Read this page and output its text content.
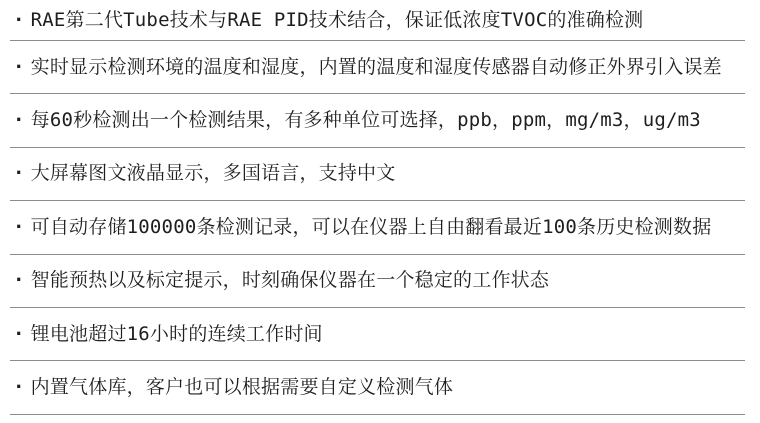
· RAE第二代Tube技术与RAE PID技术结合，保证低浓度TVOC的准确检测
· 实时显示检测环境的温度和湿度，内置的温度和湿度传感器自动修正外界引入误差
· 每60秒检测出一个检测结果，有多种单位可选择，ppb，ppm，mg/m3，ug/m3
· 大屏幕图文液晶显示，多国语言，支持中文
· 可自动存储100000条检测记录，可以在仪器上自由翻看最近100条历史检测数据
· 智能预热以及标定提示，时刻确保仪器在一个稳定的工作状态
· 锂电池超过16小时的连续工作时间
· 内置气体库，客户也可以根据需要自定义检测气体
